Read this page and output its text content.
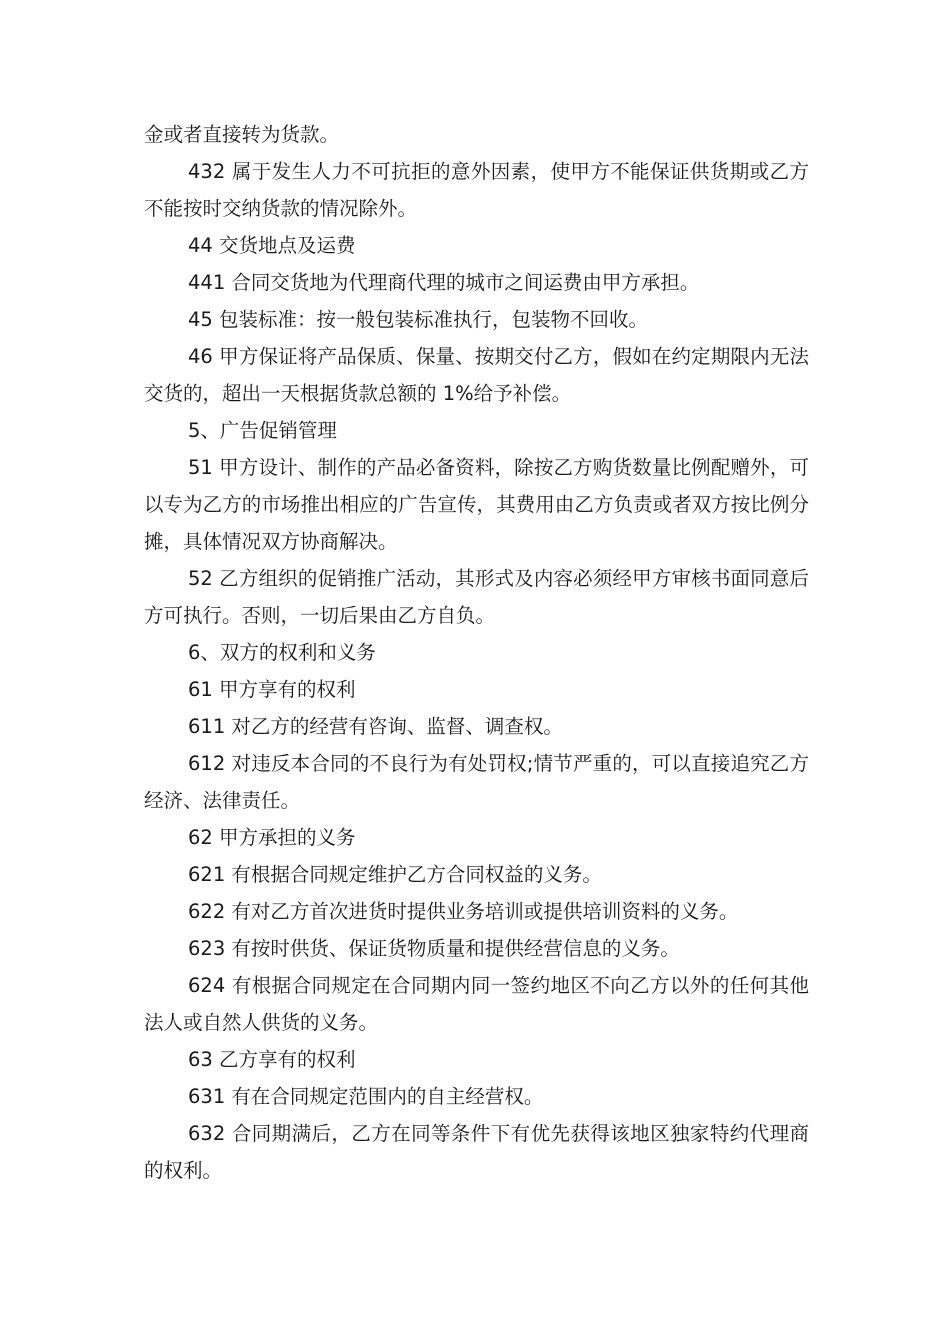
金或者直接转为货款。

432 属于发生人力不可抗拒的意外因素，使甲方不能保证供货期或乙方不能按时交纳货款的情况除外。

44 交货地点及运费

441 合同交货地为代理商代理的城市之间运费由甲方承担。

45 包装标准：按一般包装标准执行，包装物不回收。

46 甲方保证将产品保质、保量、按期交付乙方，假如在约定期限内无法交货的，超出一天根据货款总额的 1%给予补偿。

5、广告促销管理

51 甲方设计、制作的产品必备资料，除按乙方购货数量比例配赠外，可以专为乙方的市场推出相应的广告宣传，其费用由乙方负责或者双方按比例分摊，具体情况双方协商解决。

52 乙方组织的促销推广活动，其形式及内容必须经甲方审核书面同意后方可执行。否则，一切后果由乙方自负。

6、双方的权利和义务

61 甲方享有的权利

611 对乙方的经营有咨询、监督、调查权。

612 对违反本合同的不良行为有处罚权;情节严重的，可以直接追究乙方经济、法律责任。

62 甲方承担的义务

621 有根据合同规定维护乙方合同权益的义务。

622 有对乙方首次进货时提供业务培训或提供培训资料的义务。

623 有按时供货、保证货物质量和提供经营信息的义务。

624 有根据合同规定在合同期内同一签约地区不向乙方以外的任何其他法人或自然人供货的义务。

63 乙方享有的权利

631 有在合同规定范围内的自主经营权。

632 合同期满后，乙方在同等条件下有优先获得该地区独家特约代理商的权利。
